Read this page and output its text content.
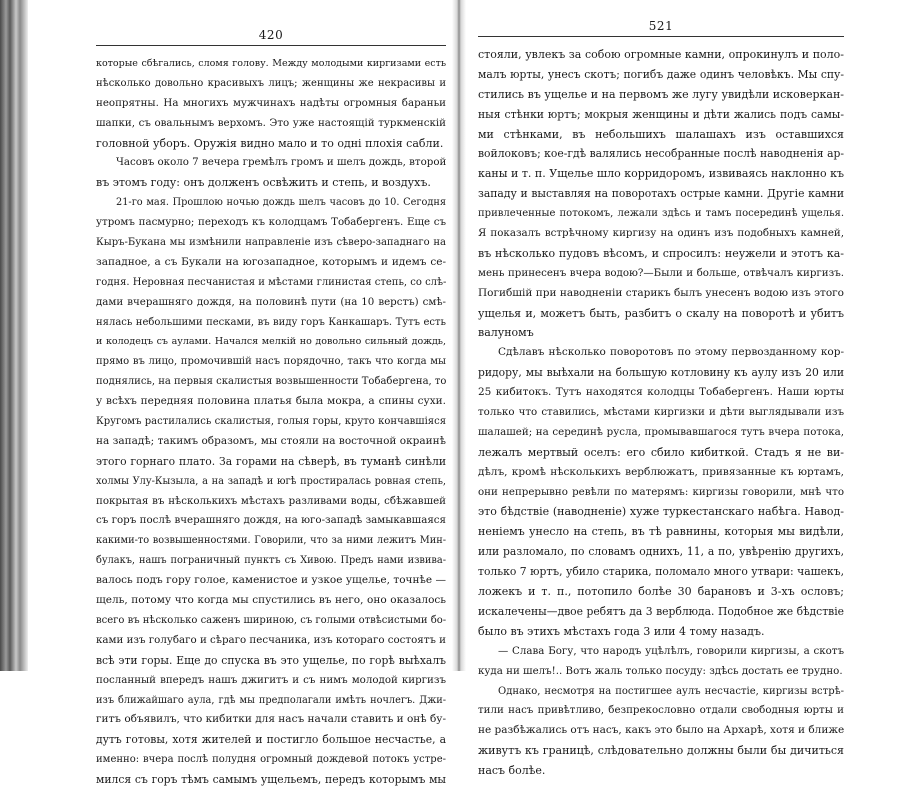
420
которые сбѣгались, сломя голову. Между молодыми киргизами есть
нѣсколько довольно красивыхъ лицъ; женщины же некрасивы и
неопрятны. На многихъ мужчинахъ надѣты огромныя бараньи
шапки, съ овальнымъ верхомъ. Это уже настоящій туркменскій
головной уборъ. Оружія видно мало и то одні плохія сабли.
Часовъ около 7 вечера гремѣлъ громъ и шелъ дождь, второй
въ этомъ году: онъ долженъ освѣжить и степь, и воздухъ.
21-го мая. Прошлою ночью дождь шелъ часовъ до 10. Сегодня
утромъ пасмурно; переходъ къ колодцамъ Тобабергенъ. Еще съ
Кыръ-Букана мы измѣнили направленіе изъ сѣверо-западнаго на
западное, а съ Букали на югозападное, которымъ и идемъ се-
годня. Неровная песчанистая и мѣстами глинистая степь, со слѣ-
дами вчерашняго дождя, на половинѣ пути (на 10 верстъ) смѣ-
нялась небольшими песками, въ виду горъ Канкашаръ. Тутъ есть
и колодецъ съ аулами. Начался мелкій но довольно сильный дождь,
прямо въ лицо, промочившій насъ порядочно, такъ что когда мы
поднялись, на первыя скалистыя возвышенности Тобабергена, то
у всѣхъ передняя половина платья была мокра, а спины сухи.
Кругомъ растилались скалистыя, голыя горы, круто кончавшіяся
на западѣ; такимъ образомъ, мы стояли на восточной окраинѣ
этого горнаго плато. За горами на сѣверѣ, въ туманѣ синѣли
холмы Улу-Кызыла, а на западѣ и югѣ простиралась ровная степь,
покрытая въ нѣсколькихъ мѣстахъ разливами воды, сбѣжавшей
съ горъ послѣ вчерашняго дождя, на юго-западѣ замыкавшаяся
какими-то возвышенностями. Говорили, что за ними лежитъ Мин-
булакъ, нашъ пограничный пунктъ съ Хивою. Предъ нами извива-
валось подъ гору голое, каменистое и узкое ущелье, точнѣе —
щель, потому что когда мы спустились въ него, оно оказалось
всего въ нѣсколько саженъ шириною, съ голыми отвѣсистыми бо-
ками изъ голубаго и сѣраго песчаника, изъ котораго состоятъ и
всѣ эти горы. Еще до спуска въ это ущелье, по горѣ выѣхалъ
посланный впередъ нашъ джигитъ и съ нимъ молодой киргизъ
изъ ближайшаго аула, гдѣ мы предполагали имѣть ночлегъ. Джи-
гитъ объявилъ, что кибитки для насъ начали ставить и онѣ бу-
дутъ готовы, хотя жителей и постигло большое несчастье, а
именно: вчера послѣ полудня огромный дождевой потокъ устре-
мился съ горъ тѣмъ самымъ ущельемъ, передъ которымъ мы
521
стояли, увлекъ за собою огромные камни, опрокинулъ и поло-
малъ юрты, унесъ скотъ; погибъ даже одинъ человѣкъ. Мы спу-
стились въ ущелье и на первомъ же лугу увидѣли исковеркан-
ныя стѣнки юртъ; мокрыя женщины и дѣти жались подъ самы-
ми стѣнками, въ небольшихъ шалашахъ изъ оставшихся
войлоковъ; кое-гдѣ валялись несобранные послѣ наводненія ар-
каны и т. п. Ущелье шло корридоромъ, извиваясь наклонно къ
западу и выставляя на поворотахъ острые камни. Другіе камни
привлеченные потокомъ, лежали здѣсь и тамъ посерединѣ ущелья.
Я показалъ встрѣчному киргизу на одинъ изъ подобныхъ камней,
въ нѣсколько пудовъ вѣсомъ, и спросилъ: неужели и этотъ ка-
мень принесенъ вчера водою?—Были и больше, отвѣчалъ киргизъ.
Погибшій при наводненіи старикъ былъ унесенъ водою изъ этого
ущелья и, можетъ быть, разбитъ о скалу на поворотѣ и убитъ
валуномъ
Сдѣлавъ нѣсколько поворотовъ по этому первозданному кор-
ридору, мы выѣхали на большую котловину къ аулу изъ 20 или
25 кибитокъ. Тутъ находятся колодцы Тобабергенъ. Наши юрты
только что ставились, мѣстами киргизки и дѣти выглядывали изъ
шалашей; на серединѣ русла, промывавшагося тутъ вчера потока,
лежалъ мертвый оселъ: его сбило кибиткой. Стадъ я не ви-
дѣлъ, кромѣ нѣсколькихъ верблюжатъ, привязанные къ юртамъ,
они непрерывно ревѣли по матерямъ: киргизы говорили, мнѣ что
это бѣдствіе (наводненіе) хуже туркестанскаго набѣга. Навод-
неніемъ унесло на степь, въ тѣ равнины, которыя мы видѣли,
или разломало, по словамъ однихъ, 11, а по, увѣренію другихъ,
только 7 юртъ, убило старика, поломало много утвари: чашекъ,
ложекъ и т. п., потопило болѣе 30 барановъ и 3-хъ ословъ;
искалечены—двое ребятъ да 3 верблюда. Подобное же бѣдствіе
было въ этихъ мѣстахъ года 3 или 4 тому назадъ.
— Слава Богу, что народъ уцѣлѣлъ, говорили киргизы, а скотъ
куда ни шелъ!.. Вотъ жаль только посуду: здѣсь достать ее трудно.
Однако, несмотря на постигшее аулъ несчастіе, киргизы встрѣ-
тили насъ привѣтливо, безпрекословно отдали свободныя юрты и
не разбѣжались отъ насъ, какъ это было на Архарѣ, хотя и ближе
живутъ къ границѣ, слѣдовательно должны были бы дичиться
насъ болѣе.
